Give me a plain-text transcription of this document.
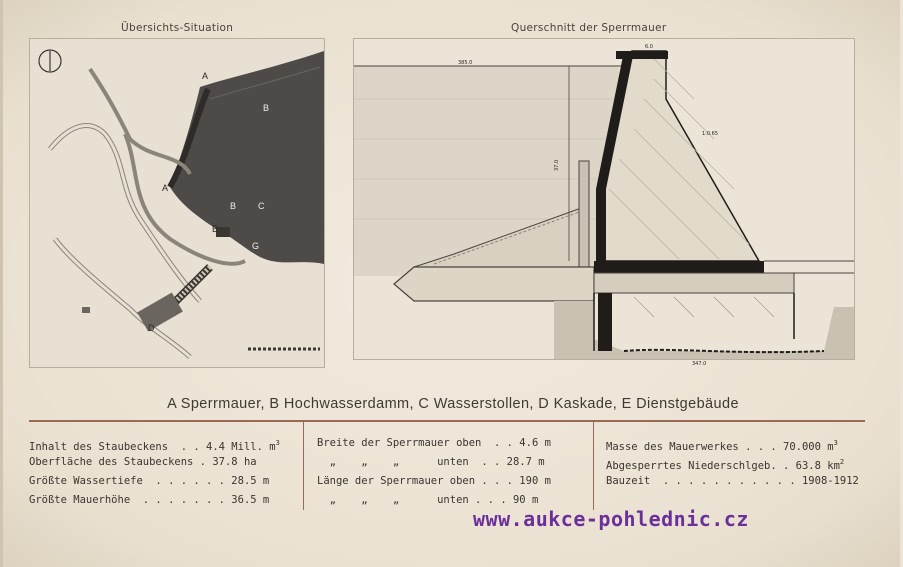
Übersichts-Situation	Querschnitt der Sperrmauer
A
B
A
B C
D
E
G
6.0
385.0
37.0
1:0.65
347.0
A Sperrmauer, B Hochwasserdamm, C Wasserstollen, D Kaskade, E Dienstgebäude
Inhalt des Staubeckens  . . 4.4 Mill. $m^3$
Oberfläche des Staubeckens . 37.8 ha
Größte Wassertiefe  . . . . . . 28.5 m
Größte Mauerhöhe  . . . . . . . 36.5 m
Breite der Sperrmauer oben  . . 4.6 m
„    „    „      unten  . . 28.7 m
Länge der Sperrmauer oben . . . 190 m
„    „    „      unten . . . 90 m
Masse des Mauerwerkes . . . 70.000 $m^3$
Abgesperrtes Niederschlgeb. . 63.8 $km^2$
Bauzeit  . . . . . . . . . . . 1908-1912
www.aukce-pohlednic.cz
